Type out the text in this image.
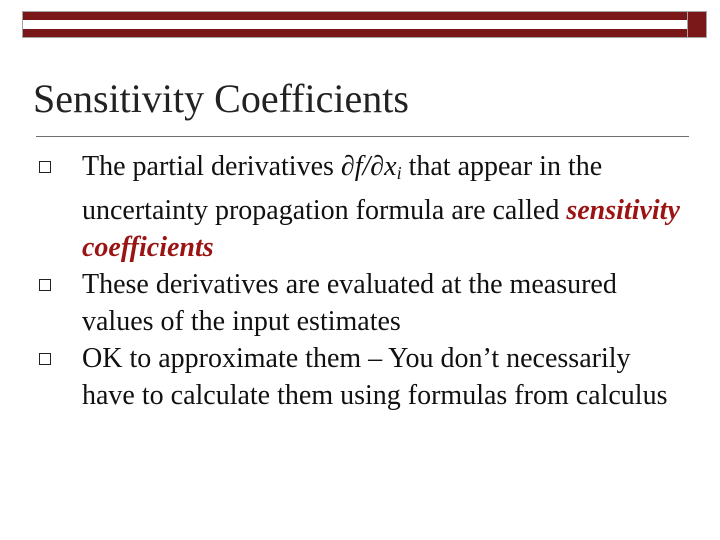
Sensitivity Coefficients
The partial derivatives $\partial f/\partial x_i$ that appear in the uncertainty propagation formula are called sensitivity coefficients
These derivatives are evaluated at the measured values of the input estimates
OK to approximate them – You don’t necessarily have to calculate them using formulas from calculus
